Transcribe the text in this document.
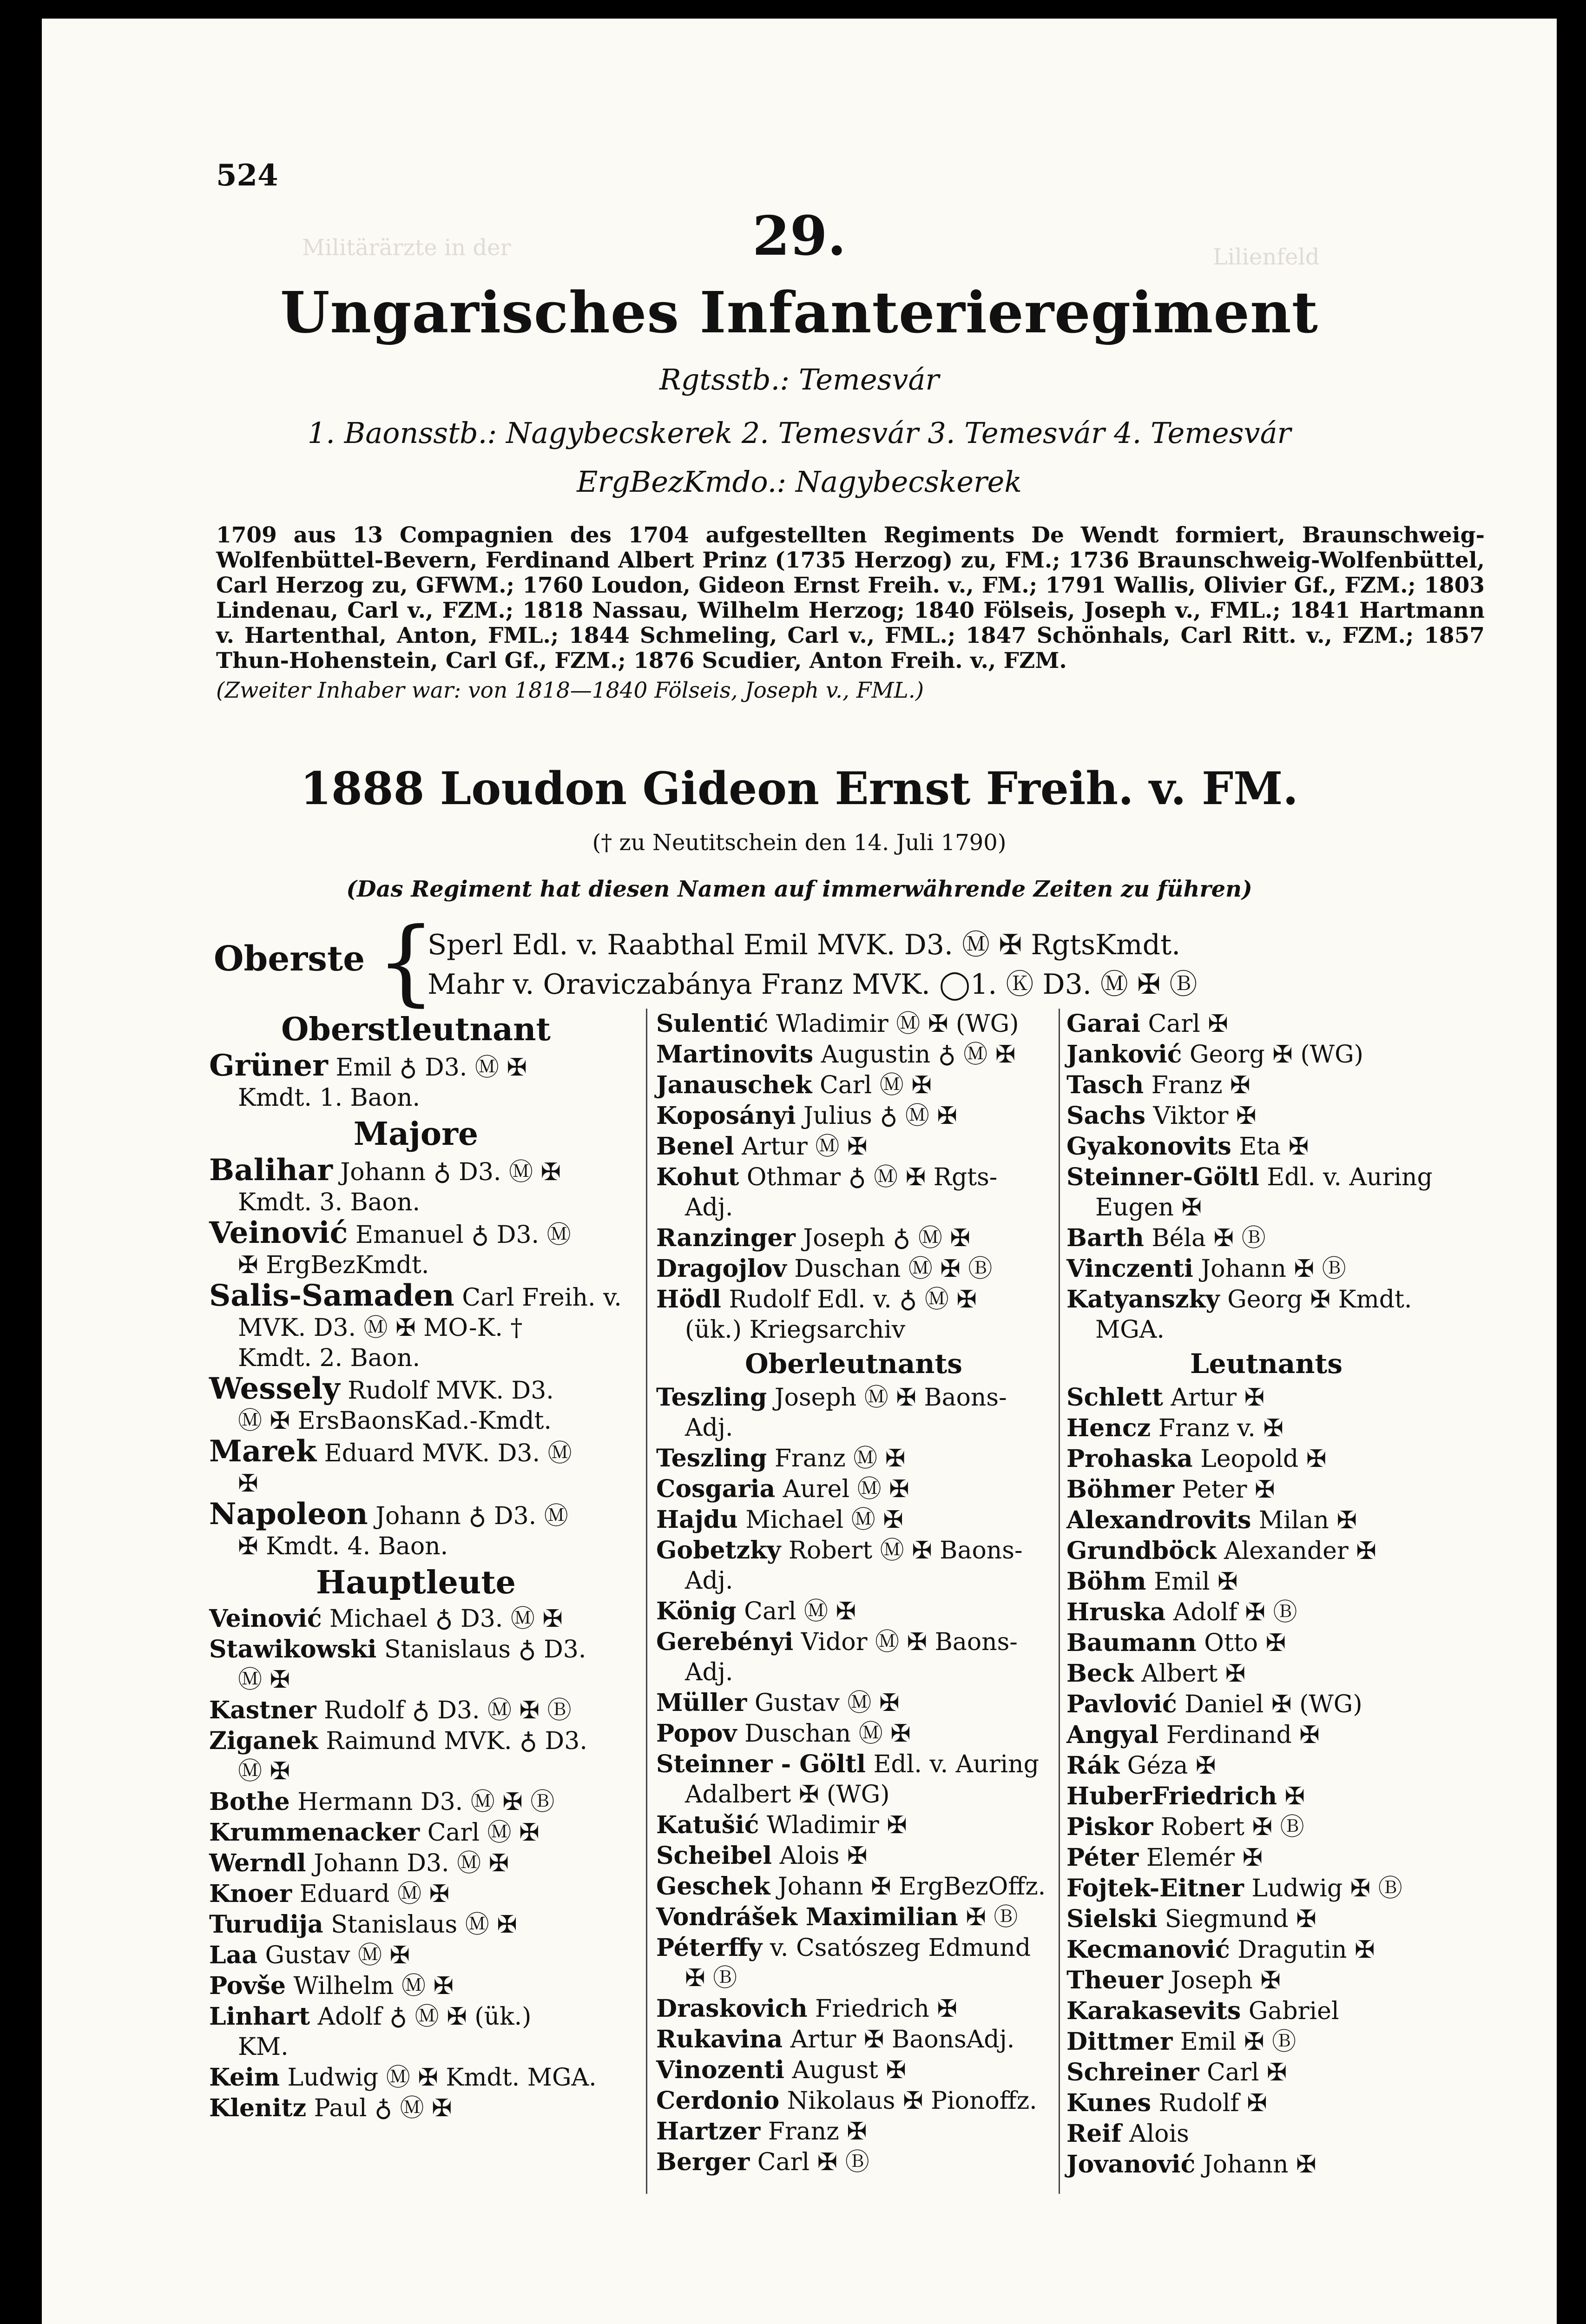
Militärärzte in der	Lilienfeld
524
29.
Ungarisches Infanterieregiment
Rgtsstb.: Temesvár
1. Baonsstb.: Nagybecskerek 2. Temesvár 3. Temesvár 4. Temesvár
ErgBezKmdo.: Nagybecskerek

1709 aus 13 Compagnien des 1704 aufgestellten Regiments De Wendt formiert, Braunschweig-Wolfenbüttel-Bevern, Ferdinand Albert Prinz (1735 Herzog) zu, FM.; 1736 Braunschweig-Wolfenbüttel, Carl Herzog zu, GFWM.; 1760 Loudon, Gideon Ernst Freih. v., FM.; 1791 Wallis, Olivier Gf., FZM.; 1803 Lindenau, Carl v., FZM.; 1818 Nassau, Wilhelm Herzog; 1840 Fölseis, Joseph v., FML.; 1841 Hartmann v. Hartenthal, Anton, FML.; 1844 Schmeling, Carl v., FML.; 1847 Schönhals, Carl Ritt. v., FZM.; 1857 Thun-Hohenstein, Carl Gf., FZM.; 1876 Scudier, Anton Freih. v., FZM.

(Zweiter Inhaber war: von 1818—1840 Fölseis, Joseph v., FML.)

1888 Loudon Gideon Ernst Freih. v. FM.
(† zu Neutitschein den 14. Juli 1790)
(Das Regiment hat diesen Namen auf immerwährende Zeiten zu führen)
Oberste {
Sperl Edl. v. Raabthal Emil MVK. D3. Ⓜ ✠ RgtsKmdt.
Mahr v. Oraviczabánya Franz MVK. ◯1. Ⓚ D3. Ⓜ ✠ Ⓑ
Oberstleutnant
Grüner Emil ♁ D3. Ⓜ ✠
Kmdt. 1. Baon.
Majore
Balihar Johann ♁ D3. Ⓜ ✠
Kmdt. 3. Baon.
Veinović Emanuel ♁ D3. Ⓜ
✠ ErgBezKmdt.
Salis-Samaden Carl Freih. v.
MVK. D3. Ⓜ ✠ MO-K. †
Kmdt. 2. Baon.
Wessely Rudolf MVK. D3.
Ⓜ ✠ ErsBaonsKad.-Kmdt.
Marek Eduard MVK. D3. Ⓜ
✠
Napoleon Johann ♁ D3. Ⓜ
✠ Kmdt. 4. Baon.
Hauptleute
Veinović Michael ♁ D3. Ⓜ ✠
Stawikowski Stanislaus ♁ D3.
Ⓜ ✠
Kastner Rudolf ♁ D3. Ⓜ ✠ Ⓑ
Ziganek Raimund MVK. ♁ D3.
Ⓜ ✠
Bothe Hermann D3. Ⓜ ✠ Ⓑ
Krummenacker Carl Ⓜ ✠
Werndl Johann D3. Ⓜ ✠
Knoer Eduard Ⓜ ✠
Turudija Stanislaus Ⓜ ✠
Laa Gustav Ⓜ ✠
Povše Wilhelm Ⓜ ✠
Linhart Adolf ♁ Ⓜ ✠ (ük.)
KM.
Keim Ludwig Ⓜ ✠ Kmdt. MGA.
Klenitz Paul ♁ Ⓜ ✠
Sulentić Wladimir Ⓜ ✠ (WG)
Martinovits Augustin ♁ Ⓜ ✠
Janauschek Carl Ⓜ ✠
Koposányi Julius ♁ Ⓜ ✠
Benel Artur Ⓜ ✠
Kohut Othmar ♁ Ⓜ ✠ Rgts-
Adj.
Ranzinger Joseph ♁ Ⓜ ✠
Dragojlov Duschan Ⓜ ✠ Ⓑ
Hödl Rudolf Edl. v. ♁ Ⓜ ✠
(ük.) Kriegsarchiv
Oberleutnants
Teszling Joseph Ⓜ ✠ Baons-
Adj.
Teszling Franz Ⓜ ✠
Cosgaria Aurel Ⓜ ✠
Hajdu Michael Ⓜ ✠
Gobetzky Robert Ⓜ ✠ Baons-
Adj.
König Carl Ⓜ ✠
Gerebényi Vidor Ⓜ ✠ Baons-
Adj.
Müller Gustav Ⓜ ✠
Popov Duschan Ⓜ ✠
Steinner - Göltl Edl. v. Auring
Adalbert ✠ (WG)
Katušić Wladimir ✠
Scheibel Alois ✠
Geschek Johann ✠ ErgBezOffz.
Vondrášek Maximilian ✠ Ⓑ
Péterffy v. Csatószeg Edmund
✠ Ⓑ
Draskovich Friedrich ✠
Rukavina Artur ✠ BaonsAdj.
Vinozenti August ✠
Cerdonio Nikolaus ✠ Pionoffz.
Hartzer Franz ✠
Berger Carl ✠ Ⓑ
Garai Carl ✠
Janković Georg ✠ (WG)
Tasch Franz ✠
Sachs Viktor ✠
Gyakonovits Eta ✠
Steinner-Göltl Edl. v. Auring
Eugen ✠
Barth Béla ✠ Ⓑ
Vinczenti Johann ✠ Ⓑ
Katyanszky Georg ✠ Kmdt.
MGA.
Leutnants
Schlett Artur ✠
Hencz Franz v. ✠
Prohaska Leopold ✠
Böhmer Peter ✠
Alexandrovits Milan ✠
Grundböck Alexander ✠
Böhm Emil ✠
Hruska Adolf ✠ Ⓑ
Baumann Otto ✠
Beck Albert ✠
Pavlović Daniel ✠ (WG)
Angyal Ferdinand ✠
Rák Géza ✠
HuberFriedrich ✠
Piskor Robert ✠ Ⓑ
Péter Elemér ✠
Fojtek-Eitner Ludwig ✠ Ⓑ
Sielski Siegmund ✠
Kecmanović Dragutin ✠
Theuer Joseph ✠
Karakasevits Gabriel
Dittmer Emil ✠ Ⓑ
Schreiner Carl ✠
Kunes Rudolf ✠
Reif Alois
Jovanović Johann ✠
